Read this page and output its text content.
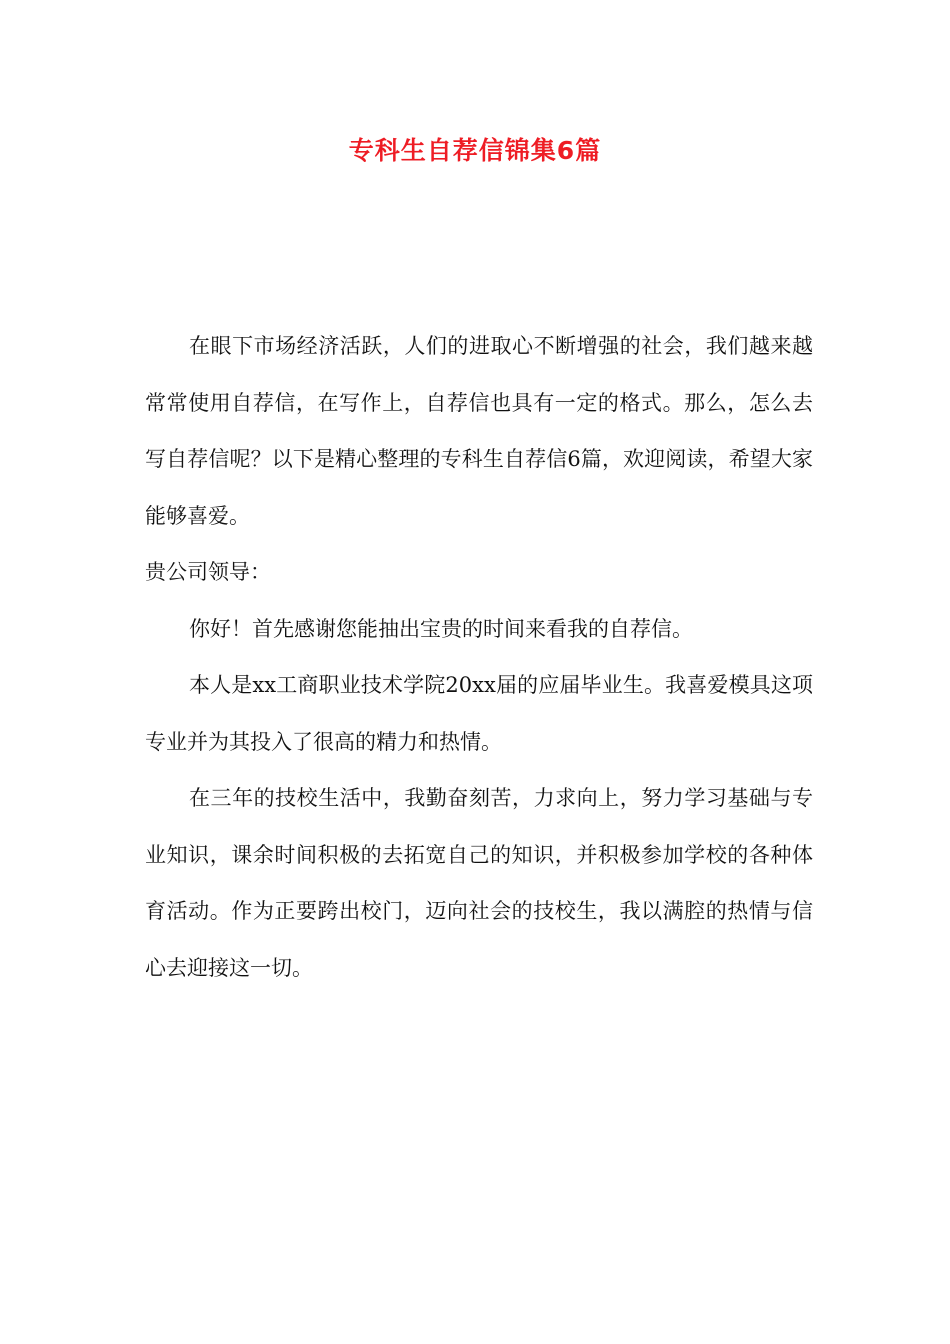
专科生自荐信锦集6篇

在眼下市场经济活跃，人们的进取心不断增强的社会，我们越来越常常使用自荐信，在写作上，自荐信也具有一定的格式。那么，怎么去写自荐信呢？以下是精心整理的专科生自荐信6篇，欢迎阅读，希望大家能够喜爱。

贵公司领导：

你好！首先感谢您能抽出宝贵的时间来看我的自荐信。

本人是xx工商职业技术学院20xx届的应届毕业生。我喜爱模具这项专业并为其投入了很高的精力和热情。

在三年的技校生活中，我勤奋刻苦，力求向上，努力学习基础与专业知识，课余时间积极的去拓宽自己的知识，并积极参加学校的各种体育活动。作为正要跨出校门，迈向社会的技校生，我以满腔的热情与信心去迎接这一切。
